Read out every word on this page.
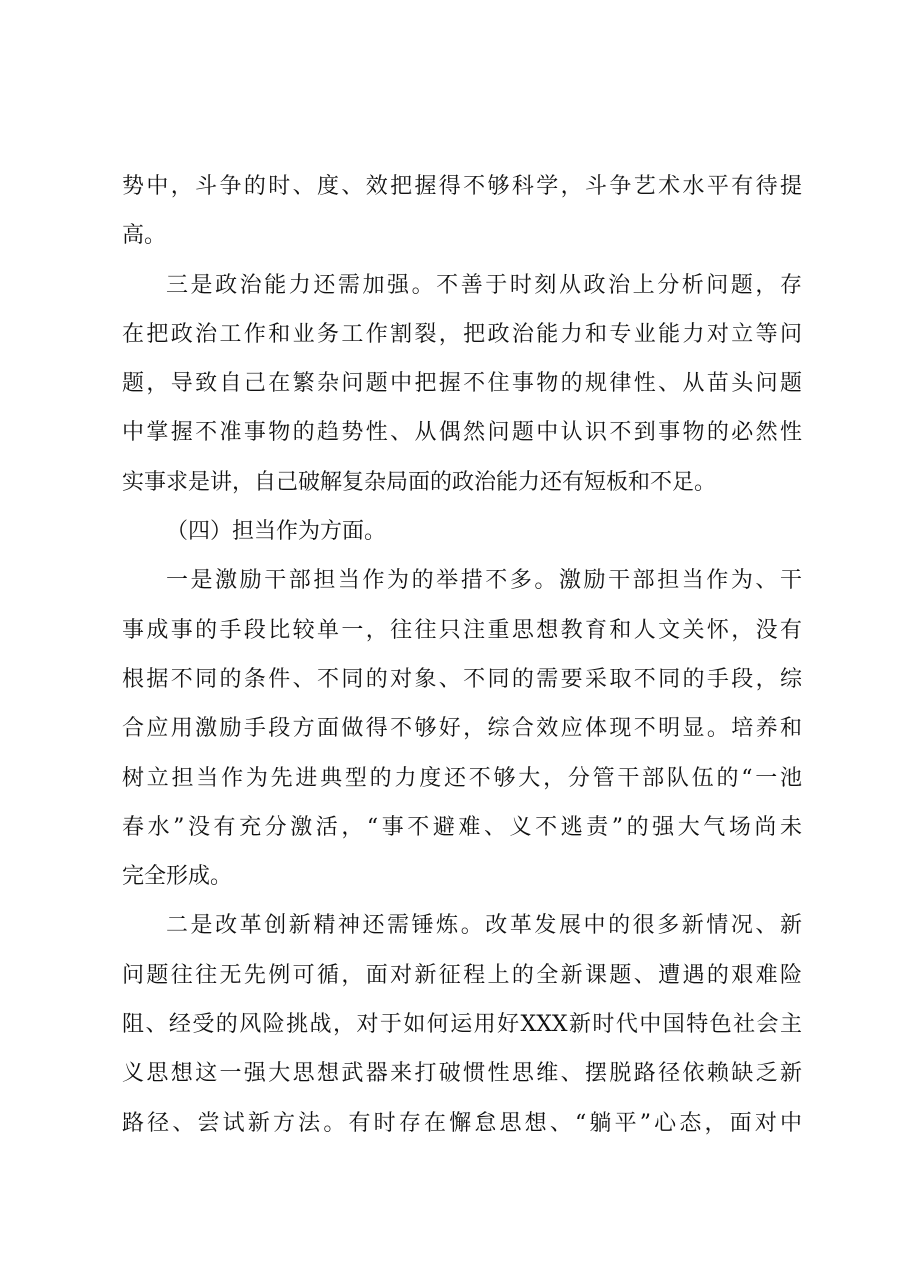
势中，斗争的时、度、效把握得不够科学，斗争艺术水平有待提
高。
三是政治能力还需加强。不善于时刻从政治上分析问题，存
在把政治工作和业务工作割裂，把政治能力和专业能力对立等问
题，导致自己在繁杂问题中把握不住事物的规律性、从苗头问题
中掌握不准事物的趋势性、从偶然问题中认识不到事物的必然性
实事求是讲，自己破解复杂局面的政治能力还有短板和不足。
（四）担当作为方面。
一是激励干部担当作为的举措不多。激励干部担当作为、干
事成事的手段比较单一，往往只注重思想教育和人文关怀，没有
根据不同的条件、不同的对象、不同的需要采取不同的手段，综
合应用激励手段方面做得不够好，综合效应体现不明显。培养和
树立担当作为先进典型的力度还不够大，分管干部队伍的“一池
春水”没有充分激活，“事不避难、义不逃责”的强大气场尚未
完全形成。
二是改革创新精神还需锤炼。改革发展中的很多新情况、新
问题往往无先例可循，面对新征程上的全新课题、遭遇的艰难险
阻、经受的风险挑战，对于如何运用好XXX新时代中国特色社会主
义思想这一强大思想武器来打破惯性思维、摆脱路径依赖缺乏新
路径、尝试新方法。有时存在懈怠思想、“躺平”心态，面对中
